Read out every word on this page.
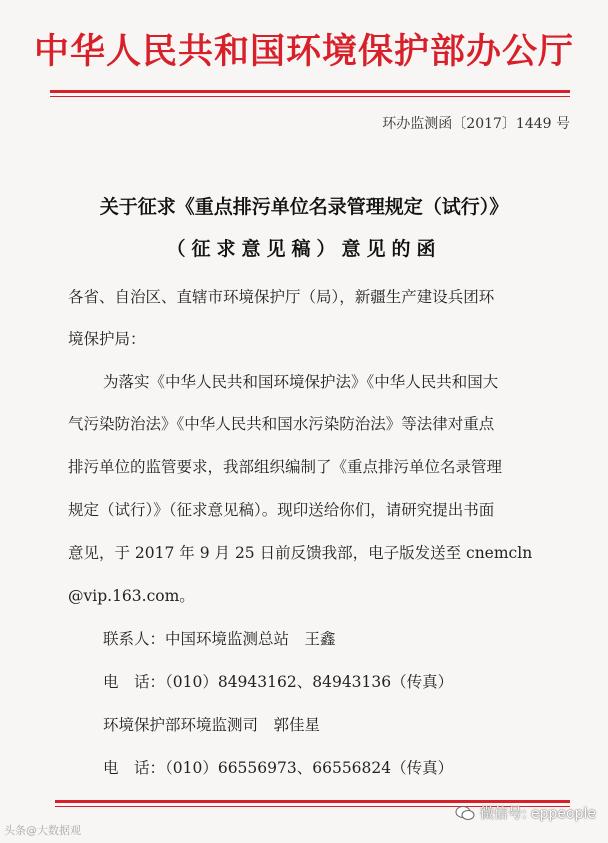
中华人民共和国环境保护部办公厅
环办监测函〔2017〕1449 号
关于征求《重点排污单位名录管理规定（试行）》
（征求意见稿）意见的函

各省、自治区、直辖市环境保护厅（局），新疆生产建设兵团环

境保护局：

为落实《中华人民共和国环境保护法》《中华人民共和国大

气污染防治法》《中华人民共和国水污染防治法》等法律对重点

排污单位的监管要求，我部组织编制了《重点排污单位名录管理

规定（试行）》（征求意见稿）。现印送给你们，请研究提出书面

意见，于 2017 年 9 月 25 日前反馈我部，电子版发送至 cnemcln

@vip.163.com。

联系人：中国环境监测总站　王鑫

电　话：（010）84943162、84943136（传真）

环境保护部环境监测司　郭佳星

电　话：（010）66556973、66556824（传真）

头条@大数据观
微信号: eppeople
